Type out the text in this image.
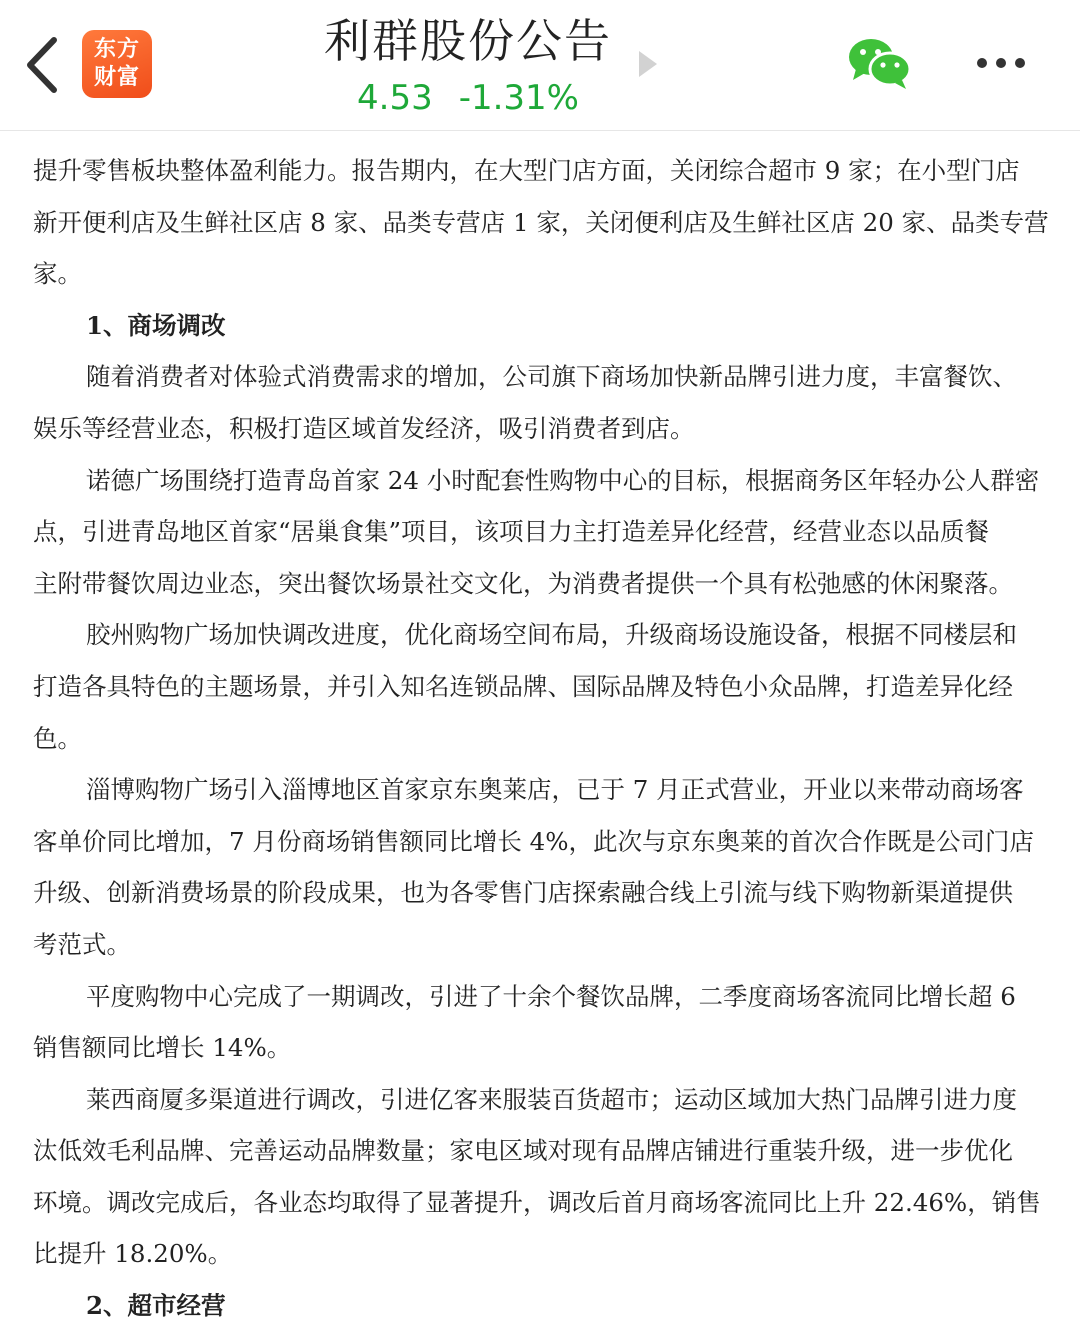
东方
财富
利群股份公告
4.53 -1.31%
提升零售板块整体盈利能力。报告期内，在大型门店方面，关闭综合超市 9 家；在小型门店
新开便利店及生鲜社区店 8 家、品类专营店 1 家，关闭便利店及生鲜社区店 20 家、品类专营
家。
1、商场调改
随着消费者对体验式消费需求的增加，公司旗下商场加快新品牌引进力度，丰富餐饮、
娱乐等经营业态，积极打造区域首发经济，吸引消费者到店。
诺德广场围绕打造青岛首家 24 小时配套性购物中心的目标，根据商务区年轻办公人群密
点，引进青岛地区首家“居巢食集”项目，该项目力主打造差异化经营，经营业态以品质餐
主附带餐饮周边业态，突出餐饮场景社交文化，为消费者提供一个具有松弛感的休闲聚落。
胶州购物广场加快调改进度，优化商场空间布局，升级商场设施设备，根据不同楼层和
打造各具特色的主题场景，并引入知名连锁品牌、国际品牌及特色小众品牌，打造差异化经
色。
淄博购物广场引入淄博地区首家京东奥莱店，已于 7 月正式营业，开业以来带动商场客
客单价同比增加，7 月份商场销售额同比增长 4%，此次与京东奥莱的首次合作既是公司门店
升级、创新消费场景的阶段成果，也为各零售门店探索融合线上引流与线下购物新渠道提供
考范式。
平度购物中心完成了一期调改，引进了十余个餐饮品牌，二季度商场客流同比增长超 6
销售额同比增长 14%。
莱西商厦多渠道进行调改，引进亿客来服装百货超市；运动区域加大热门品牌引进力度
汰低效毛利品牌、完善运动品牌数量；家电区域对现有品牌店铺进行重装升级，进一步优化
环境。调改完成后，各业态均取得了显著提升，调改后首月商场客流同比上升 22.46%，销售
比提升 18.20%。
2、超市经营
